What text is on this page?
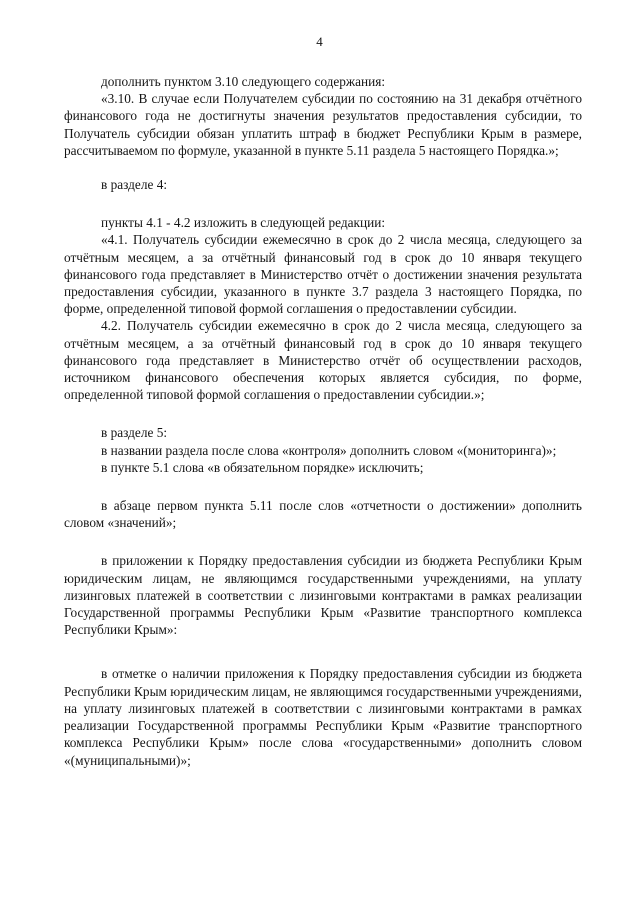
4

дополнить пунктом 3.10 следующего содержания:

«3.10. В случае если Получателем субсидии по состоянию на 31 декабря отчётного финансового года не достигнуты значения результатов предоставления субсидии, то Получатель субсидии обязан уплатить штраф в бюджет Республики Крым в размере, рассчитываемом по формуле, указанной в пункте 5.11 раздела 5 настоящего Порядка.»;

в разделе 4:

пункты 4.1 - 4.2 изложить в следующей редакции:

«4.1. Получатель субсидии ежемесячно в срок до 2 числа месяца, следующего за отчётным месяцем, а за отчётный финансовый год в срок до 10 января текущего финансового года представляет в Министерство отчёт о достижении значения результата предоставления субсидии, указанного в пункте 3.7 раздела 3 настоящего Порядка, по форме, определенной типовой формой соглашения о предоставлении субсидии.

4.2. Получатель субсидии ежемесячно в срок до 2 числа месяца, следующего за отчётным месяцем, а за отчётный финансовый год в срок до 10 января текущего финансового года представляет в Министерство отчёт об осуществлении расходов, источником финансового обеспечения которых является субсидия, по форме, определенной типовой формой соглашения о предоставлении субсидии.»;

в разделе 5:

в названии раздела после слова «контроля» дополнить словом «(мониторинга)»;

в пункте 5.1 слова «в обязательном порядке» исключить;

в абзаце первом пункта 5.11 после слов «отчетности о достижении» дополнить словом «значений»;

в приложении к Порядку предоставления субсидии из бюджета Республики Крым юридическим лицам, не являющимся государственными учреждениями, на уплату лизинговых платежей в соответствии с лизинговыми контрактами в рамках реализации Государственной программы Республики Крым «Развитие транспортного комплекса Республики Крым»:

в отметке о наличии приложения к Порядку предоставления субсидии из бюджета Республики Крым юридическим лицам, не являющимся государственными учреждениями, на уплату лизинговых платежей в соответствии с лизинговыми контрактами в рамках реализации Государственной программы Республики Крым «Развитие транспортного комплекса Республики Крым» после слова «государственными» дополнить словом «(муниципальными)»;
